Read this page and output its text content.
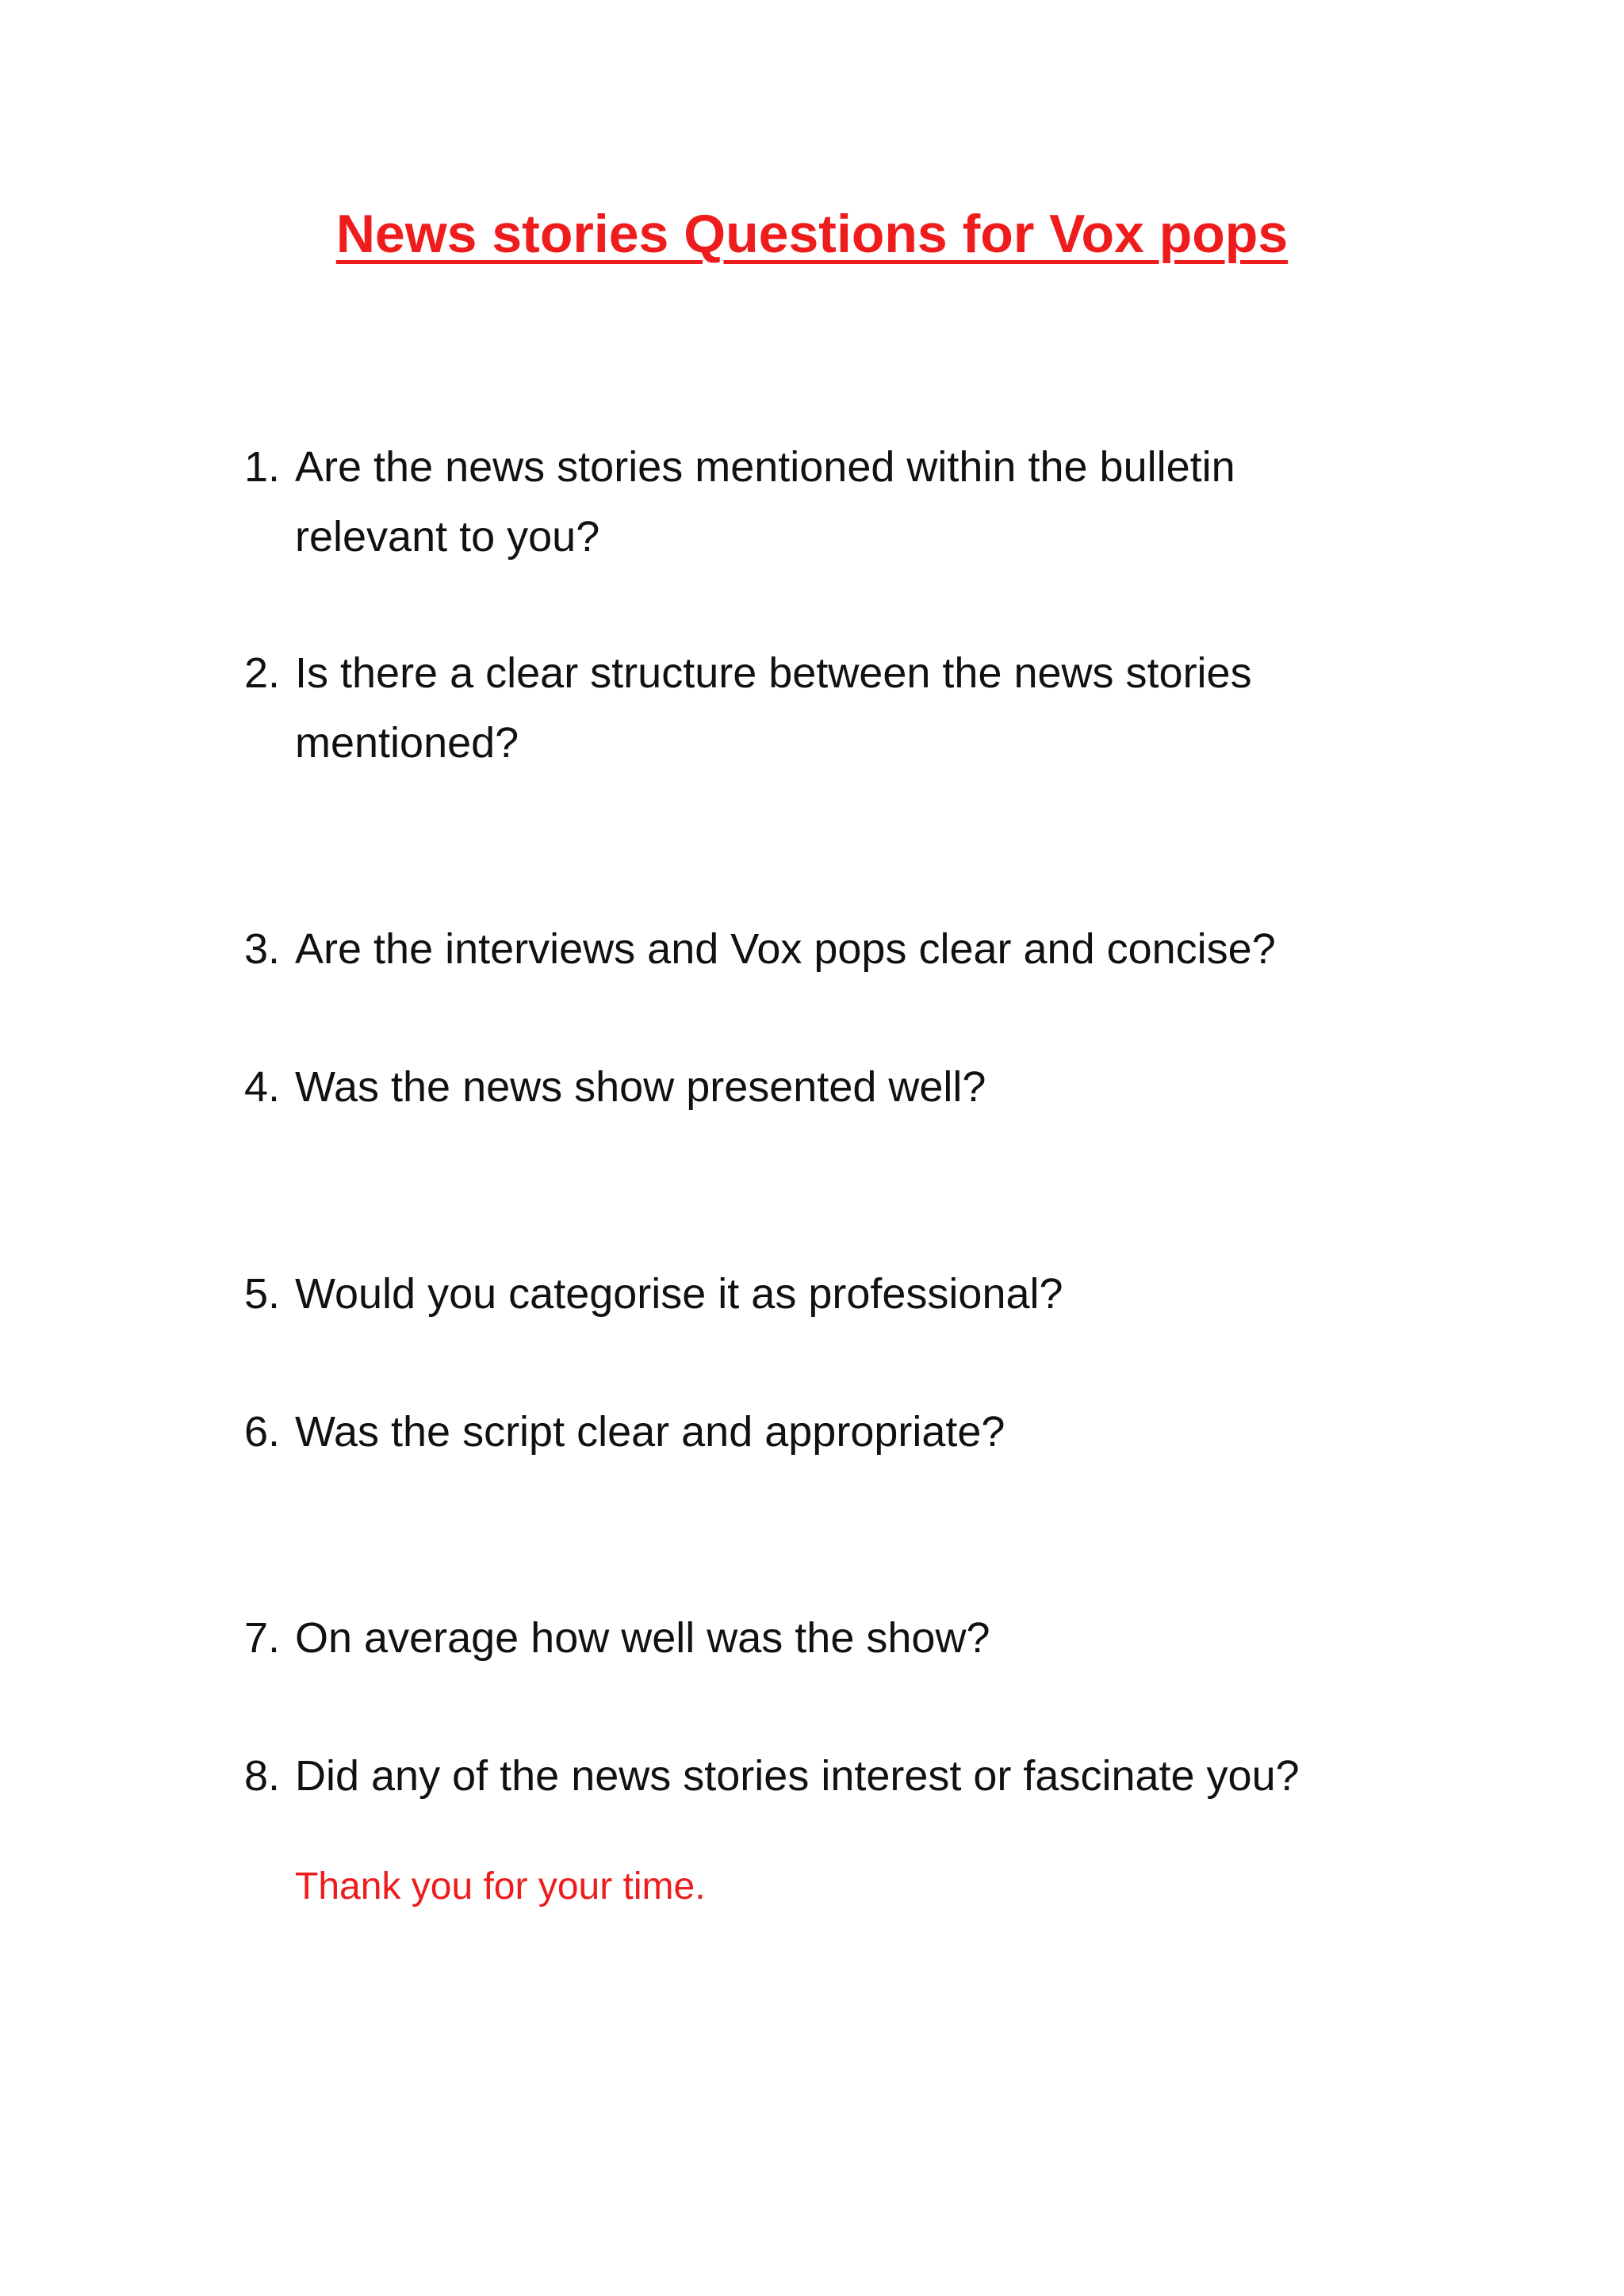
News stories Questions for Vox pops
1. Are the news stories mentioned within the bulletin relevant to you?
2. Is there a clear structure between the news stories mentioned?
3. Are the interviews and Vox pops clear and concise?
4. Was the news show presented well?
5. Would you categorise it as professional?
6. Was the script clear and appropriate?
7. On average how well was the show?
8. Did any of the news stories interest or fascinate you?
Thank you for your time.
